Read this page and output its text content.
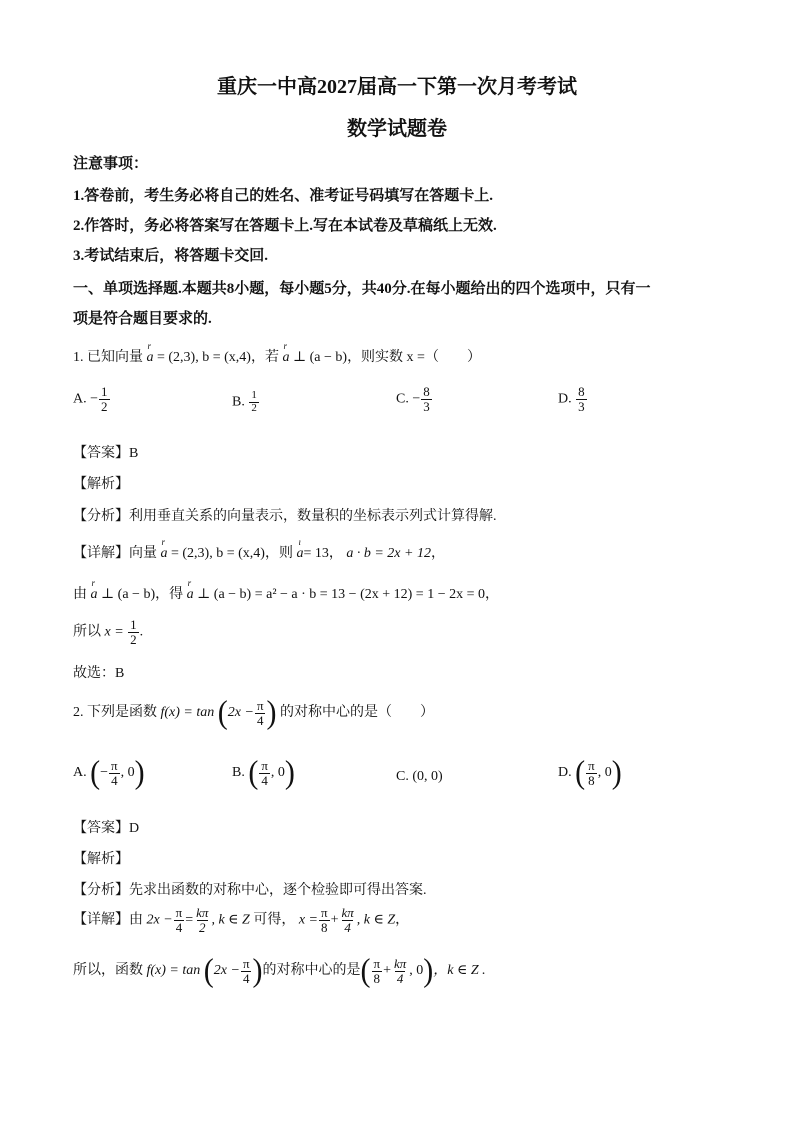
重庆一中高2027届高一下第一次月考考试
数学试题卷
注意事项：
1.答卷前，考生务必将自己的姓名、准考证号码填写在答题卡上.
2.作答时，务必将答案写在答题卡上.写在本试卷及草稿纸上无效.
3.考试结束后，将答题卡交回.
一、单项选择题.本题共8小题，每小题5分，共40分.在每小题给出的四个选项中，只有一
项是符合题目要求的.
1. 已知向量 r a = (2,3), b = (x,4)，若 r a ⊥ (a − b)，则实数 x =（　　）
A. − $\frac{1}{2}$	B. $\frac{1}{2}$	C. − $\frac{8}{3}$	D. $\frac{8}{3}$
【答案】B
【解析】
【分析】利用垂直关系的向量表示，数量积的坐标表示列式计算得解.
【详解】向量 r a = (2,3), b = (x,4)，则 ı a= 13， a · b = 2x + 12，
由 r a ⊥ (a − b)，得 r a ⊥ (a − b) = a² − a · b = 13 − (2x + 12) = 1 − 2x = 0，
所以 $x = \frac{1}{2}$ .
故选：B
2. 下列是函数 $f(x) = \tan (2x - \frac{\pi}{4}$ ) 的对称中心的是（　　）
A. (− $\frac{\pi}{4}$ , 0)	B. ( $\frac{\pi}{4}$ , 0)	C. (0, 0)	D. ( $\frac{\pi}{8}$ , 0)
【答案】D
【解析】
【分析】先求出函数的对称中心，逐个检验即可得出答案.
【详解】由 $2x - \frac{\pi}{4} = \frac{k\pi}{2}$ , k ∈ Z 可得， $x = \frac{\pi}{8} + \frac{k\pi}{4}$ , k ∈ Z，
所以，函数 $f(x) = \tan (2x - \frac{\pi}{4}$ )的对称中心的是( $\frac{\pi}{8} + \frac{k\pi}{4}$ , 0)，k ∈ Z .
